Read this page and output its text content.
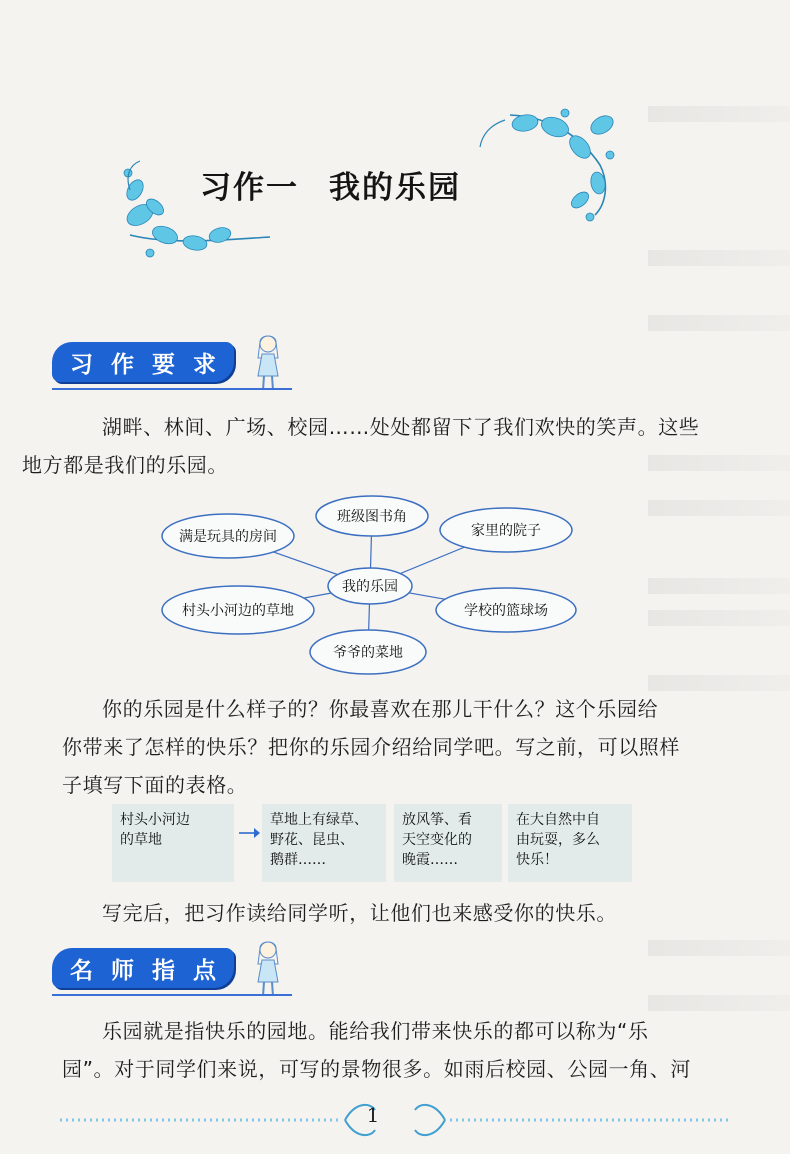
习作一 我的乐园
习 作 要 求

湖畔、林间、广场、校园……处处都留下了我们欢快的笑声。这些
地方都是我们的乐园。

班级图书角
家里的院子
学校的篮球场
爷爷的菜地
村头小河边的草地
满是玩具的房间
我的乐园

你的乐园是什么样子的？你最喜欢在那儿干什么？这个乐园给
你带来了怎样的快乐？把你的乐园介绍给同学吧。写之前，可以照样
子填写下面的表格。

村头小河边
的草地
草地上有绿草、
野花、昆虫、
鹅群……
放风筝、看
天空变化的
晚霞……
在大自然中自
由玩耍，多么
快乐！

写完后，把习作读给同学听，让他们也来感受你的快乐。

名 师 指 点

乐园就是指快乐的园地。能给我们带来快乐的都可以称为“乐
园”。对于同学们来说，可写的景物很多。如雨后校园、公园一角、河

1
